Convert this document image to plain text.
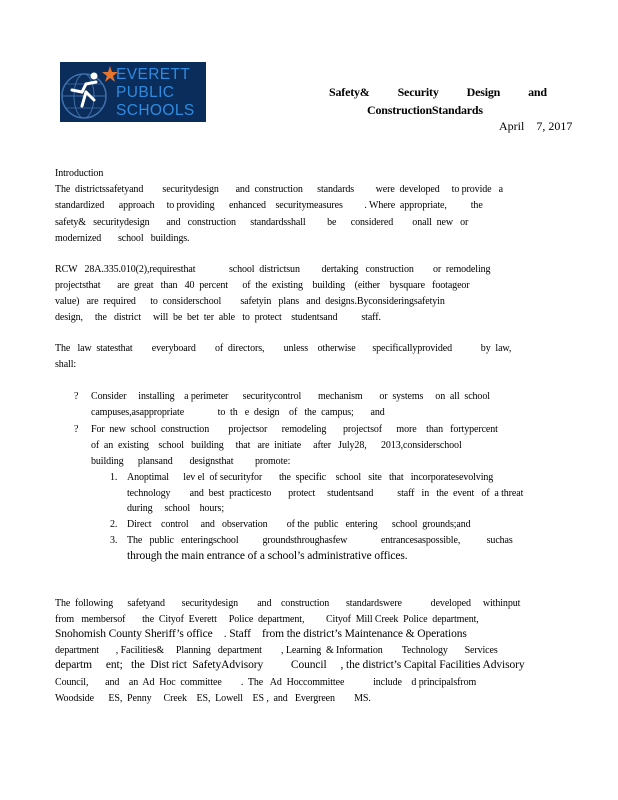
EVERETT
PUBLIC
SCHOOLS
Safety&          Security          Design          and
ConstructionStandards
April    7, 2017
Introduction
The  districtssafetyand        securitydesign       and  construction      standards         were  developed     to provide   a
standardized      approach     to providing      enhanced    securitymeasures         . Where  appropriate,          the
safety&   securitydesign       and   construction      standardsshall         be      considered        onall  new   or
modernized       school   buildings.
RCW   28A.335.010(2),requiresthat              school  districtsun         dertaking   construction        or  remodeling
projectsthat       are  great   than   40  percent      of  the  existing    building    (either    bysquare   footageor
value)   are  required      to  considerschool        safetyin   plans   and  designs.Byconsideringsafetyin
design,     the   district     will  be  bet  ter  able   to  protect    studentsand          staff.
The   law  statesthat        everyboard        of  directors,        unless    otherwise       specificallyprovided            by  law,
shall:
? Consider     installing    a perimeter      securitycontrol       mechanism       or  systems     on  all  school
campuses,asappropriate              to  th   e  design    of   the  campus;       and
? For  new  school  construction        projectsor      remodeling       projectsof      more    than   fortypercent
of  an  existing    school   building     that   are  initiate     after   July28,      2013,considerschool
building      plansand       designsthat         promote:
1. Anoptimal      lev el  of securityfor       the  specific    school   site   that   incorporatesevolving
technology        and  best  practicesto       protect     studentsand          staff   in   the  event   of  a threat
during     school    hours;
2. Direct    control     and   observation        of the  public   entering      school  grounds;and
3. The   public   enteringschool          groundsthroughasfew              entrancesaspossible,           suchas
through the main entrance of a school’s administrative offices.
The  following      safetyand       securitydesign        and    construction       standardswere            developed     withinput
from   membersof       the  Cityof  Everett     Police  department,         Cityof  Mill Creek  Police  department,
Snohomish County Sheriff’s office    . Staff    from the district’s Maintenance & Operations
department       , Facilities&     Planning   department        , Learning  & Information        Technology       Services
departm     ent;   the  Dist rict  SafetyAdvisory          Council     , the district’s Capital Facilities Advisory
Council,       and    an  Ad  Hoc  committee        .  The   Ad  Hoccommittee            include    d principalsfrom
Woodside      ES,  Penny     Creek    ES,  Lowell    ES ,  and   Evergreen        MS.
